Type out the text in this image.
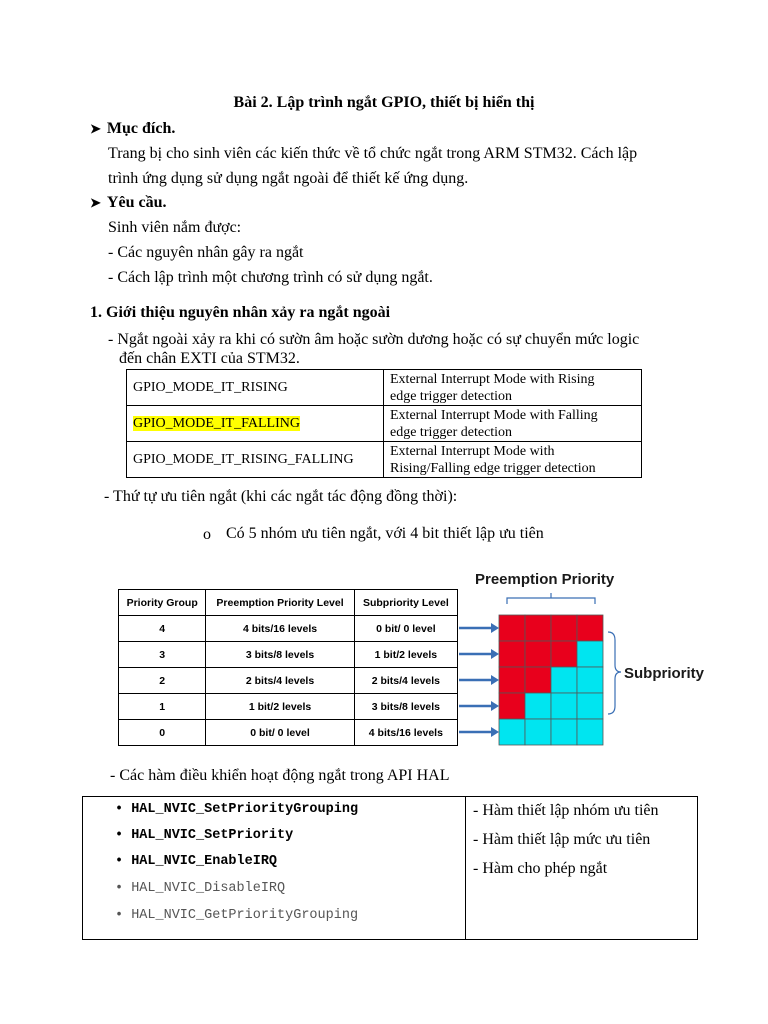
Bài 2. Lập trình ngắt GPIO, thiết bị hiển thị
➤ Mục đích.
Trang bị cho sinh viên các kiến thức về tổ chức ngắt trong ARM STM32. Cách lập
trình ứng dụng sử dụng ngắt ngoài để thiết kế ứng dụng.
➤ Yêu cầu.
Sinh viên nắm được:
- Các nguyên nhân gây ra ngắt
- Cách lập trình một chương trình có sử dụng ngắt.
1. Giới thiệu nguyên nhân xảy ra ngắt ngoài
- Ngắt ngoài xảy ra khi có sườn âm hoặc sườn dương hoặc có sự chuyển mức logic
đến chân EXTI của STM32.
GPIO_MODE_IT_RISING	External Interrupt Mode with Rising
edge trigger detection

GPIO_MODE_IT_FALLING	External Interrupt Mode with Falling
edge trigger detection

GPIO_MODE_IT_RISING_FALLING	External Interrupt Mode with
Rising/Falling edge trigger detection
- Thứ tự ưu tiên ngắt (khi các ngắt tác động đồng thời):
o Có 5 nhóm ưu tiên ngắt, với 4 bit thiết lập ưu tiên
Priority Group	Preemption Priority Level	Subpriority Level
4	4 bits/16 levels	0 bit/ 0 level
3	3 bits/8 levels	1 bit/2 levels
2	2 bits/4 levels	2 bits/4 levels
1	1 bit/2 levels	3 bits/8 levels
0	0 bit/ 0 level	4 bits/16 levels
Preemption Priority
Subpriority
- Các hàm điều khiển hoạt động ngắt trong API HAL
• HAL_NVIC_SetPriorityGrouping
• HAL_NVIC_SetPriority
• HAL_NVIC_EnableIRQ
• HAL_NVIC_DisableIRQ
• HAL_NVIC_GetPriorityGrouping
- Hàm thiết lập nhóm ưu tiên
- Hàm thiết lập mức ưu tiên
- Hàm cho phép ngắt
